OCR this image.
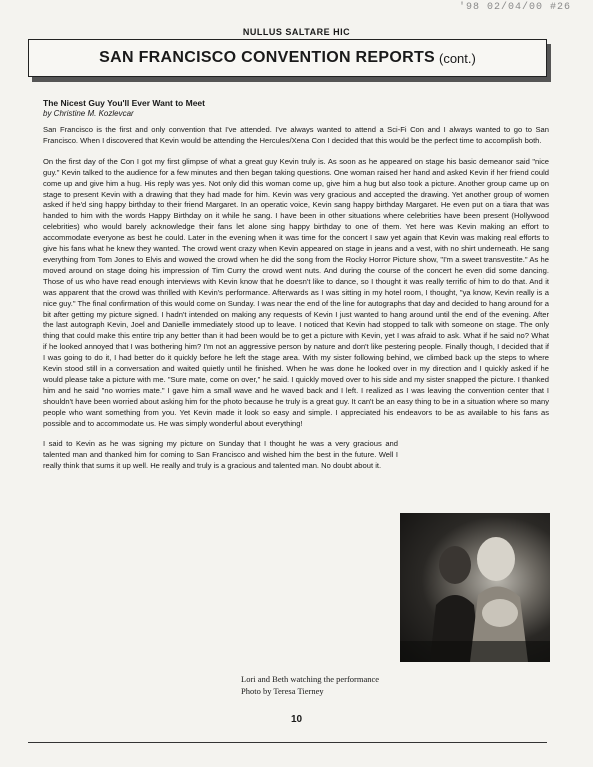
'98 02/04/00 #26
NULLUS SALTARE HIC
SAN FRANCISCO CONVENTION REPORTS (cont.)
The Nicest Guy You'll Ever Want to Meet
by Christine M. Kozlevcar

San Francisco is the first and only convention that I've attended. I've always wanted to attend a Sci-Fi Con and I always wanted to go to San Francisco. When I discovered that Kevin would be attending the Hercules/Xena Con I decided that this would be the perfect time to accomplish both.

On the first day of the Con I got my first glimpse of what a great guy Kevin truly is. As soon as he appeared on stage his basic demeanor said "nice guy." Kevin talked to the audience for a few minutes and then began taking questions. One woman raised her hand and asked Kevin if her friend could come up and give him a hug. His reply was yes. Not only did this woman come up, give him a hug but also took a picture. Another group came up on stage to present Kevin with a drawing that they had made for him. Kevin was very gracious and accepted the drawing. Yet another group of women asked if he'd sing happy birthday to their friend Margaret. In an operatic voice, Kevin sang happy birthday Margaret. He even put on a tiara that was handed to him with the words Happy Birthday on it while he sang. I have been in other situations where celebrities have been present (Hollywood celebrities) who would barely acknowledge their fans let alone sing happy birthday to one of them. Yet here was Kevin making an effort to accommodate everyone as best he could. Later in the evening when it was time for the concert I saw yet again that Kevin was making real efforts to give his fans what he knew they wanted. The crowd went crazy when Kevin appeared on stage in jeans and a vest, with no shirt underneath. He sang everything from Tom Jones to Elvis and wowed the crowd when he did the song from the Rocky Horror Picture show, "I'm a sweet transvestite." As he moved around on stage doing his impression of Tim Curry the crowd went nuts. And during the course of the concert he even did some dancing. Those of us who have read enough interviews with Kevin know that he doesn't like to dance, so I thought it was really terrific of him to do that. And it was apparent that the crowd was thrilled with Kevin's performance. Afterwards as I was sitting in my hotel room, I thought, "ya know, Kevin really is a nice guy." The final confirmation of this would come on Sunday. I was near the end of the line for autographs that day and decided to hang around for a bit after getting my picture signed. I hadn't intended on making any requests of Kevin I just wanted to hang around until the end of the evening. After the last autograph Kevin, Joel and Danielle immediately stood up to leave. I noticed that Kevin had stopped to talk with someone on stage. The only thing that could make this entire trip any better than it had been would be to get a picture with Kevin, yet I was afraid to ask. What if he said no? What if he looked annoyed that I was bothering him? I'm not an aggressive person by nature and don't like pestering people. Finally though, I decided that if I was going to do it, I had better do it quickly before he left the stage area. With my sister following behind, we climbed back up the steps to where Kevin stood still in a conversation and waited quietly until he finished. When he was done he looked over in my direction and I quickly asked if he would please take a picture with me. "Sure mate, come on over," he said. I quickly moved over to his side and my sister snapped the picture. I thanked him and he said "no worries mate." I gave him a small wave and he waved back and I left. I realized as I was leaving the convention center that I shouldn't have been worried about asking him for the photo because he truly is a great guy. It can't be an easy thing to be in a situation where so many people who want something from you. Yet Kevin made it look so easy and simple. I appreciated his endeavors to be as available to his fans as possible and to accommodate us. He was simply wonderful about everything!

I said to Kevin as he was signing my picture on Sunday that I thought he was a very gracious and talented man and thanked him for coming to San Francisco and wished him the best in the future. Well I really think that sums it up well. He really and truly is a gracious and talented man. No doubt about it.

Lori and Beth watching the performance
Photo by Teresa Tierney
10
